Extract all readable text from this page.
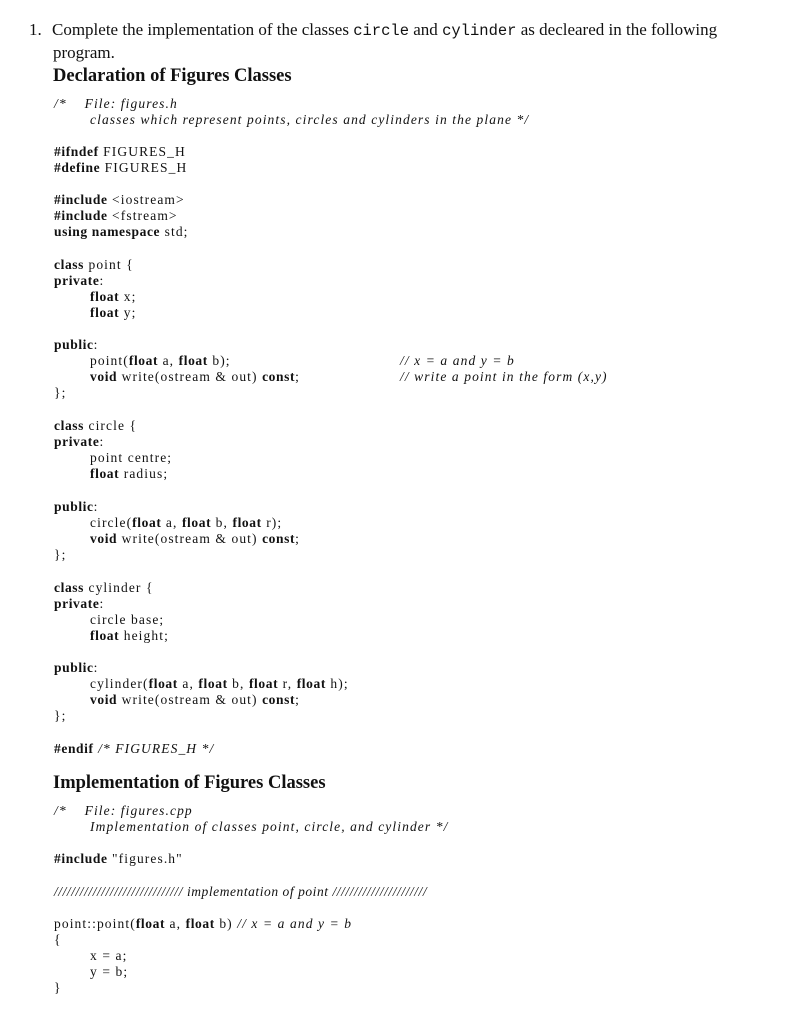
1. Complete the implementation of the classes circle and cylinder as decleared in the following
program.
Declaration of Figures Classes

/*    File: figures.h

classes which represent points, circles and cylinders in the plane */

#ifndef FIGURES_H

#define FIGURES_H

#include <iostream>

#include <fstream>

using namespace std;

class point {

private:

float x;

float y;

public:

point(float a, float b);

	// x = a and y = b

void write(ostream & out) const;

	// write a point in the form (x,y)

};

class circle {

private:

point centre;

float radius;

public:

circle(float a, float b, float r);

void write(ostream & out) const;

};

class cylinder {

private:

circle base;

float height;

public:

cylinder(float a, float b, float r, float h);

void write(ostream & out) const;

};

#endif /* FIGURES_H */

Implementation of Figures Classes

/*    File: figures.cpp

Implementation of classes point, circle, and cylinder */

#include "figures.h"

////////////////////////////// implementation of point //////////////////////

point::point(float a, float b) // x = a and y = b

{

x = a;

y = b;

}
